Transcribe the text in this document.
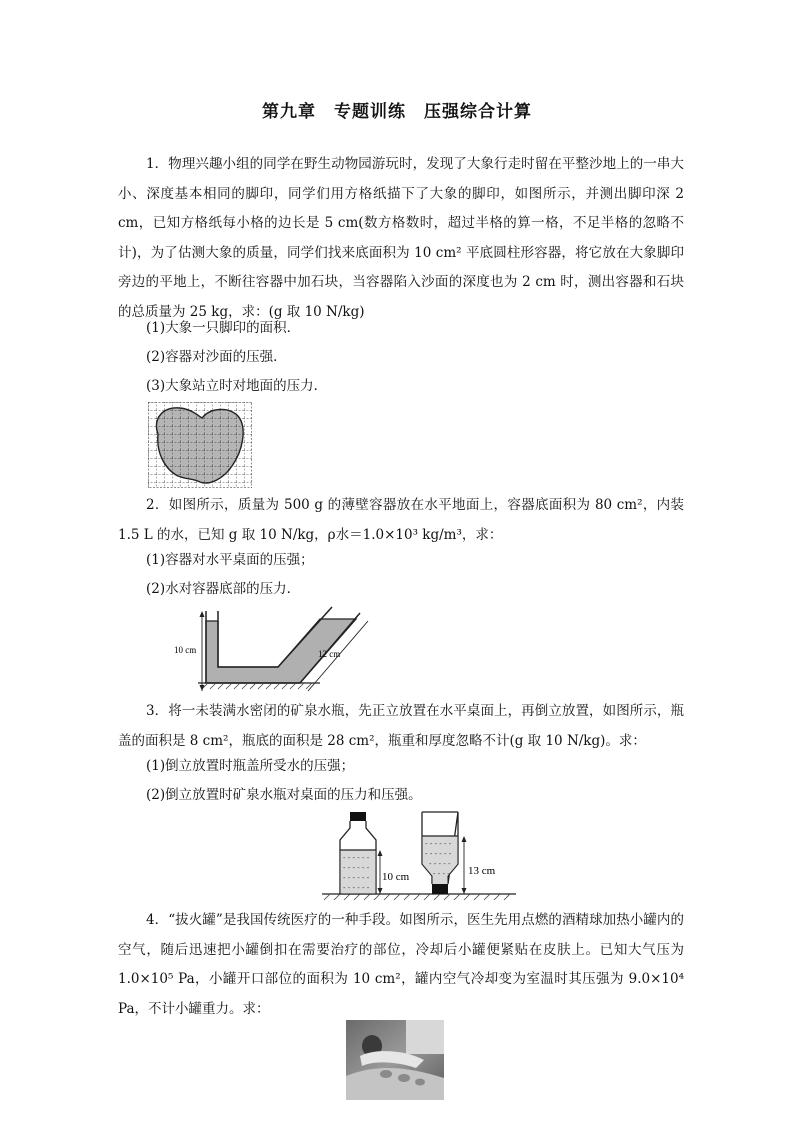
第九章　专题训练　压强综合计算
1．物理兴趣小组的同学在野生动物园游玩时，发现了大象行走时留在平整沙地上的一串大小、深度基本相同的脚印，同学们用方格纸描下了大象的脚印，如图所示，并测出脚印深 2 cm，已知方格纸每小格的边长是 5 cm(数方格数时，超过半格的算一格，不足半格的忽略不计)，为了估测大象的质量，同学们找来底面积为 10 cm² 平底圆柱形容器，将它放在大象脚印旁边的平地上，不断往容器中加石块，当容器陷入沙面的深度也为 2 cm 时，测出容器和石块的总质量为 25 kg，求：(g 取 10 N/kg)
(1)大象一只脚印的面积．
(2)容器对沙面的压强．
(3)大象站立时对地面的压力．
2．如图所示，质量为 500 g 的薄壁容器放在水平地面上，容器底面积为 80 cm²，内装 1.5 L 的水，已知 g 取 10 N/kg，ρ水＝1.0×10³ kg/m³，求：
(1)容器对水平桌面的压强；
(2)水对容器底部的压力．
10 cm	12 cm
3．将一未装满水密闭的矿泉水瓶，先正立放置在水平桌面上，再倒立放置，如图所示，瓶盖的面积是 8 cm²，瓶底的面积是 28 cm²，瓶重和厚度忽略不计(g 取 10 N/kg)。求：
(1)倒立放置时瓶盖所受水的压强；
(2)倒立放置时矿泉水瓶对桌面的压力和压强。
- - - - - -
- - - - - -
- - - - - -
- - - - - -
10 cm
- - - - - -
- - - - - -
- - - - -
- - - - 13 cm
4．“拔火罐”是我国传统医疗的一种手段。如图所示，医生先用点燃的酒精球加热小罐内的空气，随后迅速把小罐倒扣在需要治疗的部位，冷却后小罐便紧贴在皮肤上。已知大气压为 1.0×10⁵ Pa，小罐开口部位的面积为 10 cm²，罐内空气冷却变为室温时其压强为 9.0×10⁴　Pa，不计小罐重力。求：
